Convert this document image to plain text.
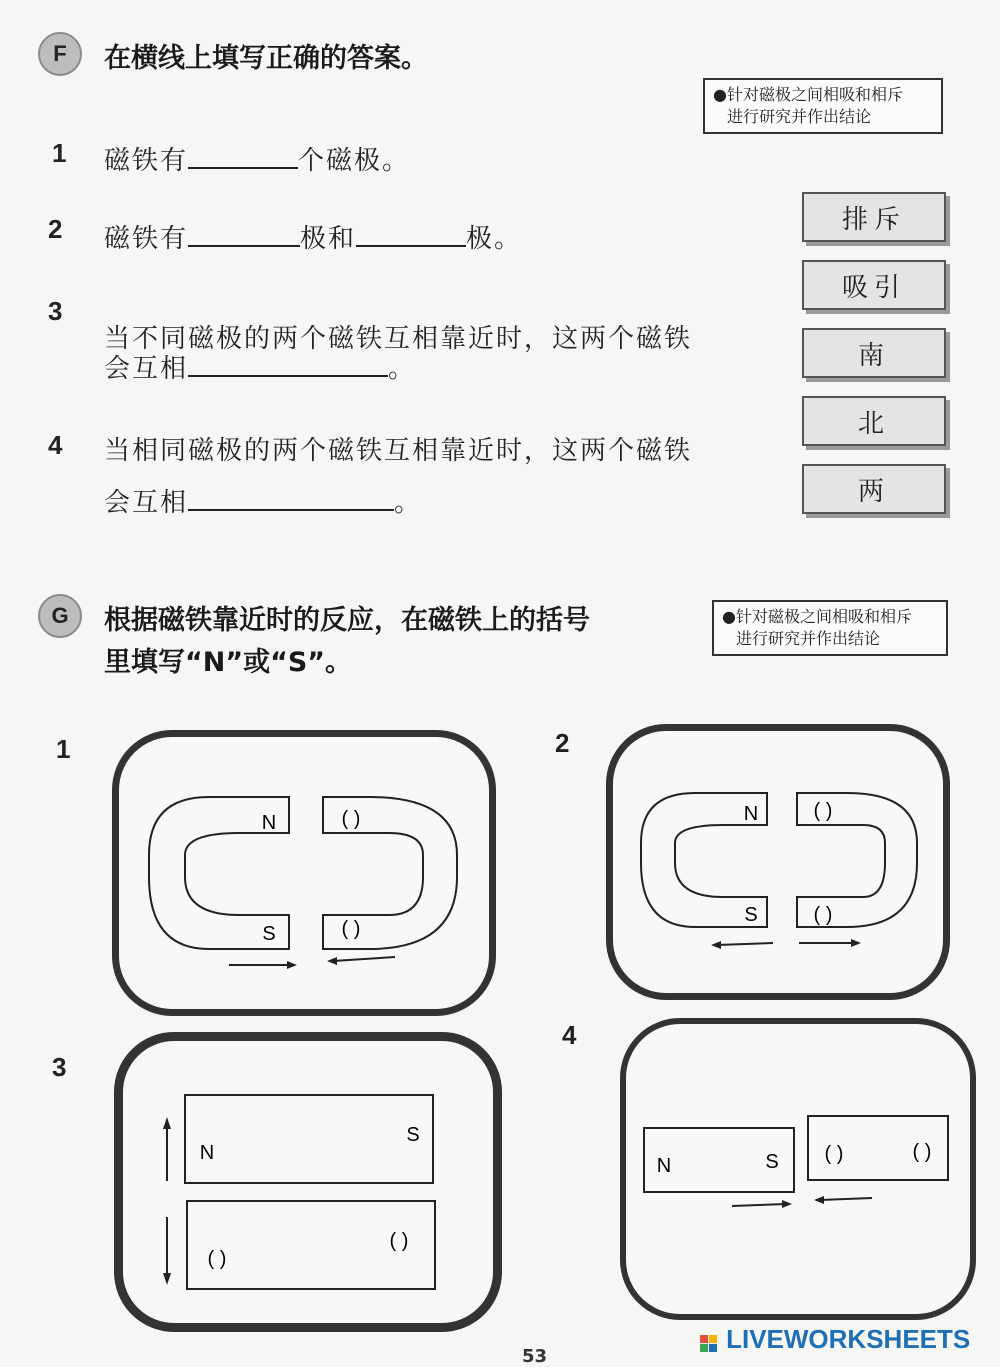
F 在横线上填写正确的答案。
●针对磁极之间相吸和相斥
进行研究并作出结论
1 磁铁有	个磁极。
2 磁铁有	极和	极。
3
当不同磁极的两个磁铁互相靠近时，这两个磁铁
会互相	。
4 当相同磁极的两个磁铁互相靠近时，这两个磁铁
会互相	。
排斥
吸引
南
北
两
G 根据磁铁靠近时的反应，在磁铁上的括号
里填写“N”或“S”。
●针对磁极之间相吸和相斥
进行研究并作出结论
1
N
S
( )
( )
2
N
S
( )
( )
3
N
S
( )
( )
4
N	S ( )	( )
53
LIVEWORKSHEETS
